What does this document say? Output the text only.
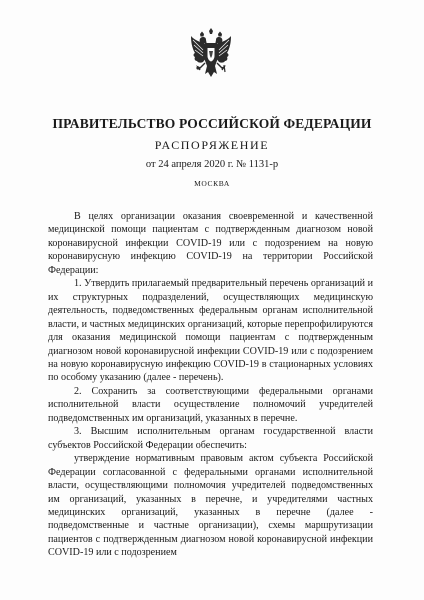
ПРАВИТЕЛЬСТВО РОССИЙСКОЙ ФЕДЕРАЦИИ
РАСПОРЯЖЕНИЕ
от 24 апреля 2020 г. № 1131-р
МОСКВА

В целях организации оказания своевременной и качественной медицинской помощи пациентам с подтвержденным диагнозом новой коронавирусной инфекции COVID-19 или с подозрением на новую коронавирусную инфекцию COVID-19 на территории Российской Федерации:

1. Утвердить прилагаемый предварительный перечень организаций и их структурных подразделений, осуществляющих медицинскую деятельность, подведомственных федеральным органам исполнительной власти, и частных медицинских организаций, которые перепрофилируются для оказания медицинской помощи пациентам с подтвержденным диагнозом новой коронавирусной инфекции COVID-19 или с подозрением на новую коронавирусную инфекцию COVID-19 в стационарных условиях по особому указанию (далее - перечень).

2. Сохранить за соответствующими федеральными органами исполнительной власти осуществление полномочий учредителей подведомственных им организаций, указанных в перечне.

3. Высшим исполнительным органам государственной власти субъектов Российской Федерации обеспечить:

утверждение нормативным правовым актом субъекта Российской Федерации согласованной с федеральными органами исполнительной власти, осуществляющими полномочия учредителей подведомственных им организаций, указанных в перечне, и учредителями частных медицинских организаций, указанных в перечне (далее - подведомственные и частные организации), схемы маршрутизации пациентов с подтвержденным диагнозом новой коронавирусной инфекции COVID-19 или с подозрением
